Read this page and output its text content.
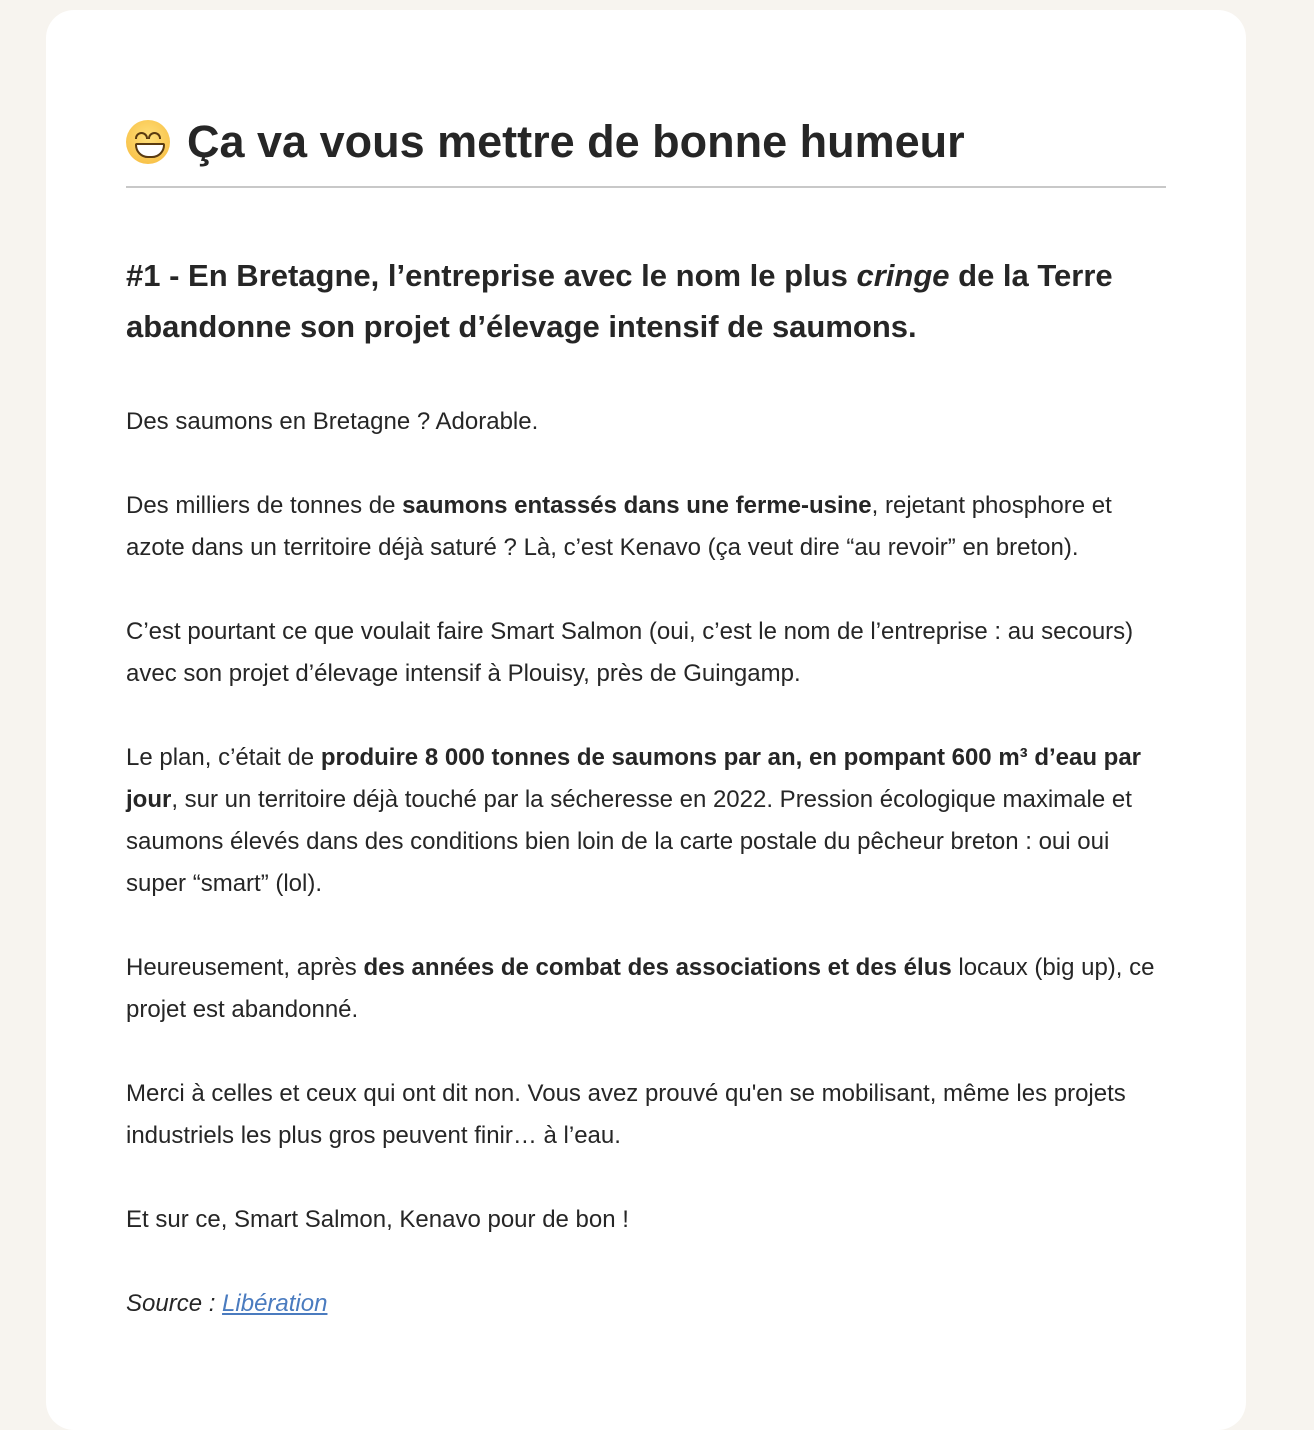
Ça va vous mettre de bonne humeur
#1 - En Bretagne, l’entreprise avec le nom le plus cringe de la Terre abandonne son projet d’élevage intensif de saumons.

Des saumons en Bretagne ? Adorable.

Des milliers de tonnes de saumons entassés dans une ferme-usine, rejetant phosphore et azote dans un territoire déjà saturé ? Là, c’est Kenavo (ça veut dire “au revoir” en breton).

C’est pourtant ce que voulait faire Smart Salmon (oui, c’est le nom de l’entreprise : au secours) avec son projet d’élevage intensif à Plouisy, près de Guingamp.

Le plan, c’était de produire 8 000 tonnes de saumons par an, en pompant 600 m³ d’eau par jour, sur un territoire déjà touché par la sécheresse en 2022. Pression écologique maximale et saumons élevés dans des conditions bien loin de la carte postale du pêcheur breton : oui oui super “smart” (lol).

Heureusement, après des années de combat des associations et des élus locaux (big up), ce projet est abandonné.

Merci à celles et ceux qui ont dit non. Vous avez prouvé qu'en se mobilisant, même les projets industriels les plus gros peuvent finir… à l’eau.

Et sur ce, Smart Salmon, Kenavo pour de bon !

Source : Libération
